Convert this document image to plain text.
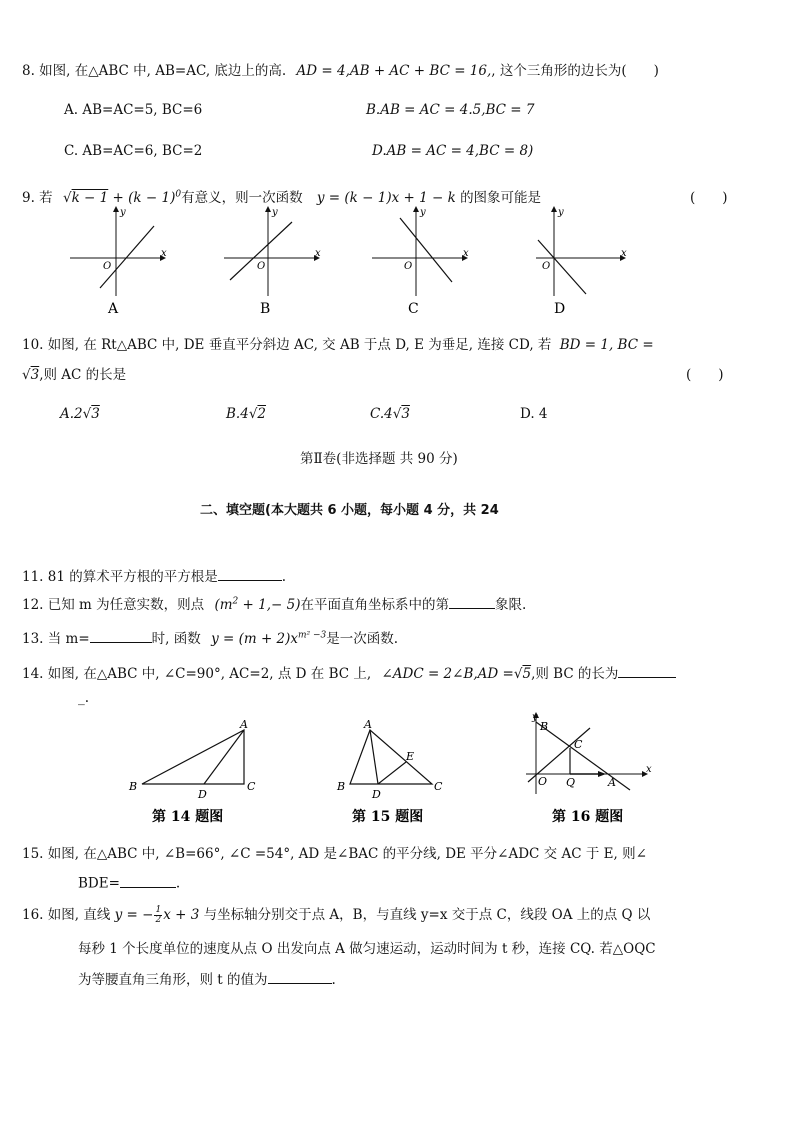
8. 如图, 在△ABC 中, AB=AC, 底边上的高. AD = 4,AB + AC + BC = 16,, 这个三角形的边长为(　　)
A. AB=AC=5, BC=6	B.AB = AC = 4.5,BC = 7
C. AB=AC=6, BC=2	D.AB = AC = 4,BC = 8)
9. 若 $√k - 1 + (k - 1)^0$有意义，则一次函数 y = (k − 1)x + 1 − k 的图象可能是	(　　)
y
x
O
A
y
x
O
B
y
x
O
C
y
x
O
D
10. 如图, 在 Rt△ABC 中, DE 垂直平分斜边 AC, 交 AB 于点 D, E 为垂足, 连接 CD, 若 BD = 1, BC =
√3,则 AC 的长是	(　　)
A.2√3	B.4√2	C.4√3	D. 4
第Ⅱ卷(非选择题 共 90 分)
二、填空题(本大题共 6 小题，每小题 4 分，共 24
11. 81 的算术平方根的平方根是	.
12. 已知 m 为任意实数，则点 $(m^2 + 1,- 5)$在平面直角坐标系中的第	象限.
13. 当 m=	时, 函数 $y = (m + 2)x^{m^2 -3}$是一次函数.
14. 如图, 在△ABC 中, ∠C=90°, AC=2, 点 D 在 BC 上, ∠ADC = 2∠B,AD =√5,则 BC 的长为
_.
A
B	C
D
第 14 题图
A
B	C
D
E
第 15 题图
y
x
B
C
O Q	A
第 16 题图
15. 如图, 在△ABC 中, ∠B=66°, ∠C =54°, AD 是∠BAC 的平分线, DE 平分∠ADC 交 AC 于 E, 则∠
BDE=	.
16. 如图, 直线 y = − $\frac{1}{2}$ x + 3 与坐标轴分别交于点 A，B，与直线 y=x 交于点 C，线段 OA 上的点 Q 以
每秒 1 个长度单位的速度从点 O 出发向点 A 做匀速运动，运动时间为 t 秒，连接 CQ. 若△OQC
为等腰直角三角形，则 t 的值为	.
